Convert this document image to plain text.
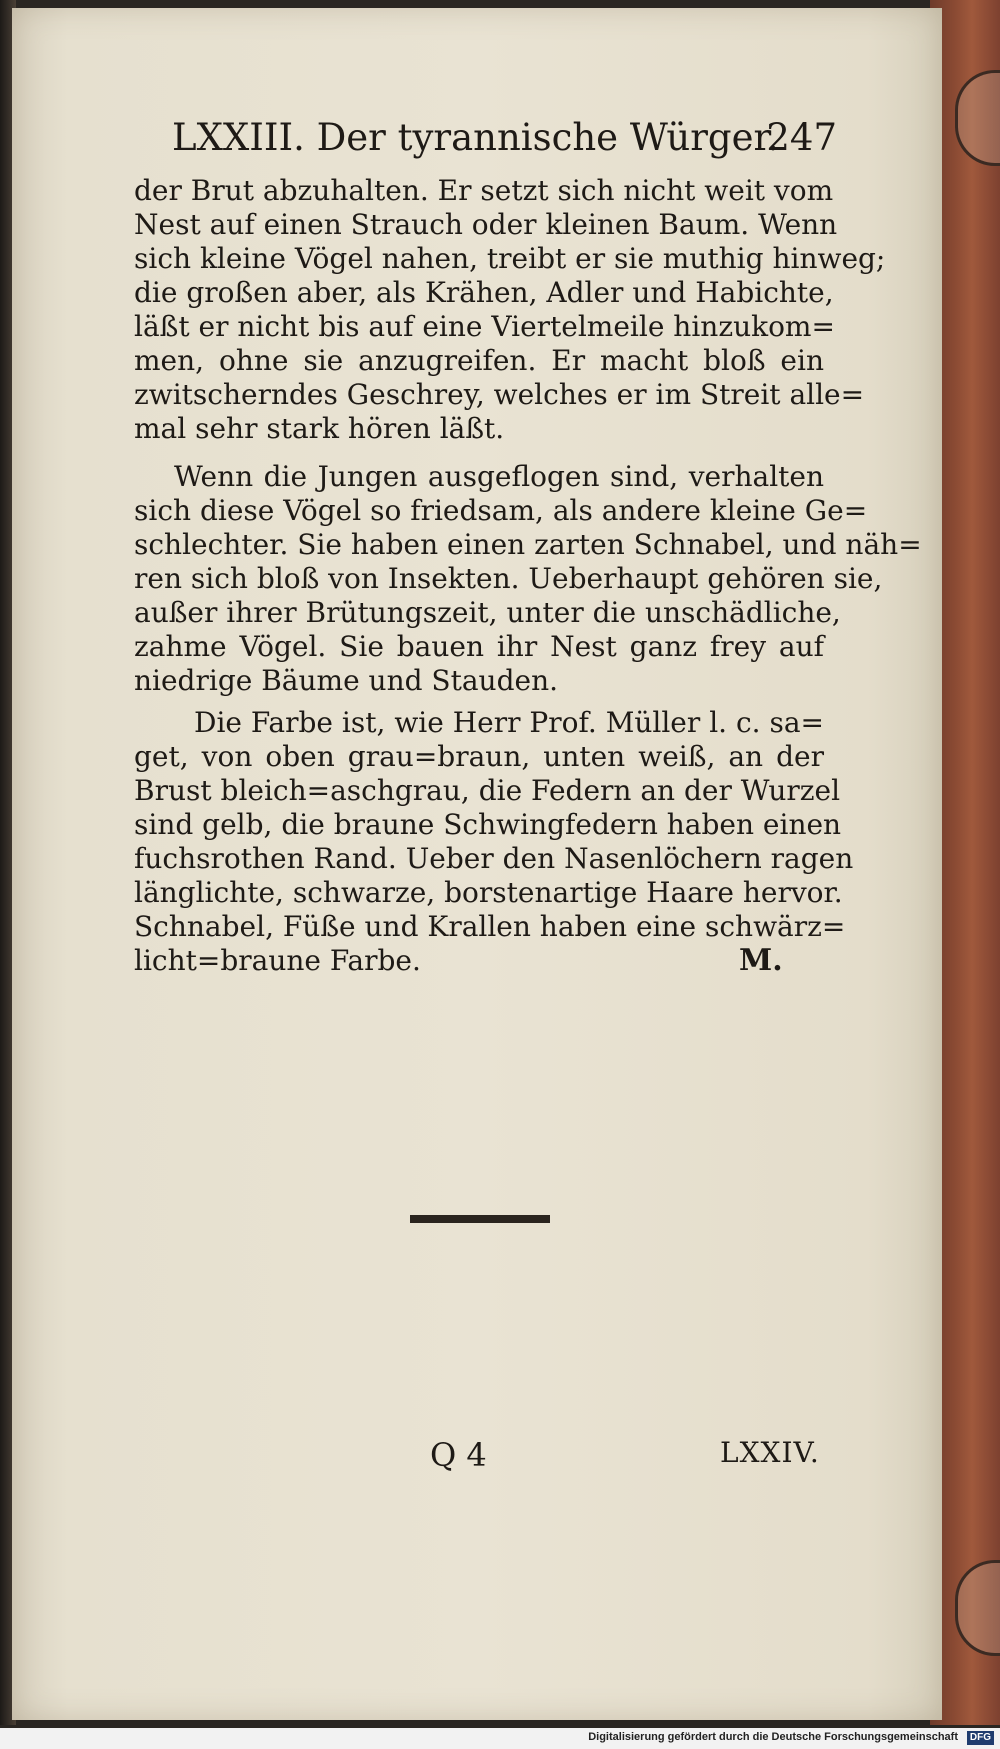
LXXIII. Der tyrannische Würger.
247

der Brut abzuhalten. Er setzt sich nicht weit vom
Nest auf einen Strauch oder kleinen Baum. Wenn
sich kleine Vögel nahen, treibt er sie muthig hinweg;
die großen aber, als Krähen, Adler und Habichte,
läßt er nicht bis auf eine Viertelmeile hinzukom=
men, ohne sie anzugreifen. Er macht bloß ein
zwitscherndes Geschrey, welches er im Streit alle=
mal sehr stark hören läßt.

Wenn die Jungen ausgeflogen sind, verhalten
sich diese Vögel so friedsam, als andere kleine Ge=
schlechter. Sie haben einen zarten Schnabel, und näh=
ren sich bloß von Insekten. Ueberhaupt gehören sie,
außer ihrer Brütungszeit, unter die unschädliche,
zahme Vögel. Sie bauen ihr Nest ganz frey auf
niedrige Bäume und Stauden.

Die Farbe ist, wie Herr Prof. Müller l. c. sa=
get, von oben grau=braun, unten weiß, an der
Brust bleich=aschgrau, die Federn an der Wurzel
sind gelb, die braune Schwingfedern haben einen
fuchsrothen Rand. Ueber den Nasenlöchern ragen
länglichte, schwarze, borstenartige Haare hervor.
Schnabel, Füße und Krallen haben eine schwärz=
licht=braune Farbe.	M.

Q 4	LXXIV.
Digitalisierung gefördert durch die Deutsche Forschungsgemeinschaft	DFG
